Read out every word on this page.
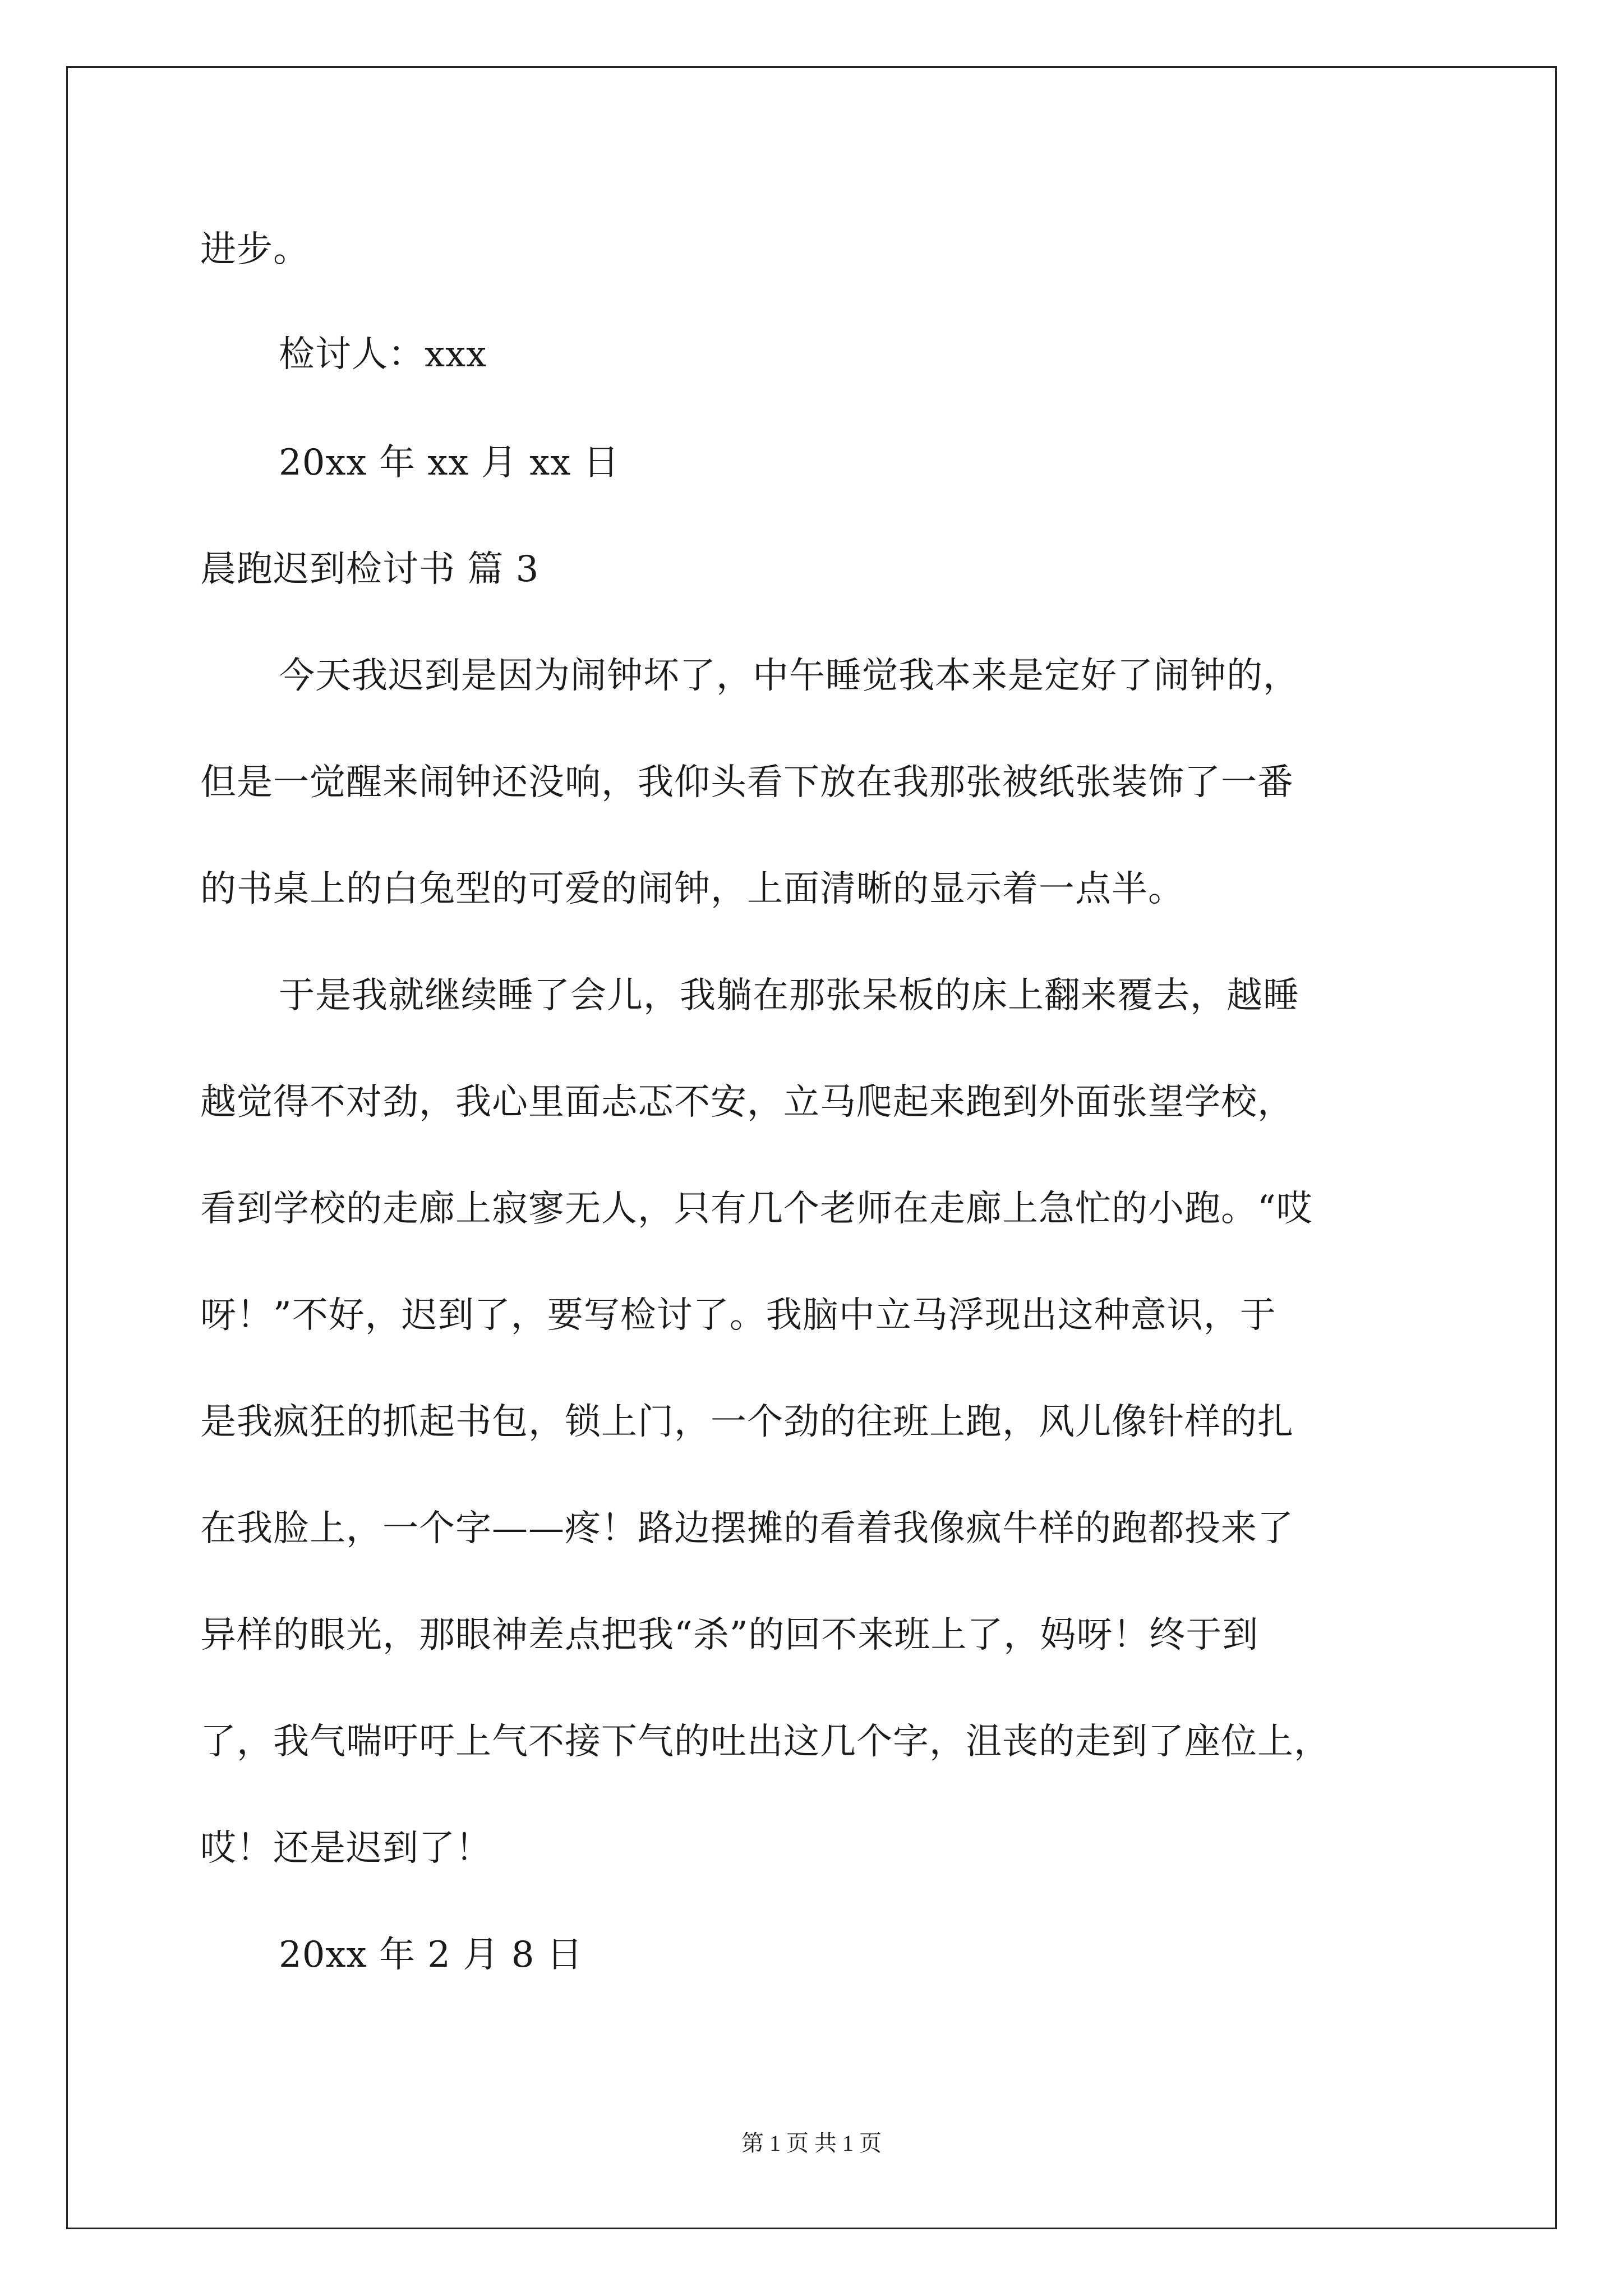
进步。
检讨人：xxx
20xx 年 xx 月 xx 日
晨跑迟到检讨书 篇 3
今天我迟到是因为闹钟坏了，中午睡觉我本来是定好了闹钟的，
但是一觉醒来闹钟还没响，我仰头看下放在我那张被纸张装饰了一番
的书桌上的白兔型的可爱的闹钟，上面清晰的显示着一点半。
于是我就继续睡了会儿，我躺在那张呆板的床上翻来覆去，越睡
越觉得不对劲，我心里面忐忑不安，立马爬起来跑到外面张望学校，
看到学校的走廊上寂寥无人，只有几个老师在走廊上急忙的小跑。“哎
呀！”不好，迟到了，要写检讨了。我脑中立马浮现出这种意识，于
是我疯狂的抓起书包，锁上门，一个劲的往班上跑，风儿像针样的扎
在我脸上，一个字——疼！路边摆摊的看着我像疯牛样的跑都投来了
异样的眼光，那眼神差点把我“杀”的回不来班上了，妈呀！终于到
了，我气喘吁吁上气不接下气的吐出这几个字，沮丧的走到了座位上，
哎！还是迟到了！
20xx 年 2 月 8 日
第 1 页 共 1 页
